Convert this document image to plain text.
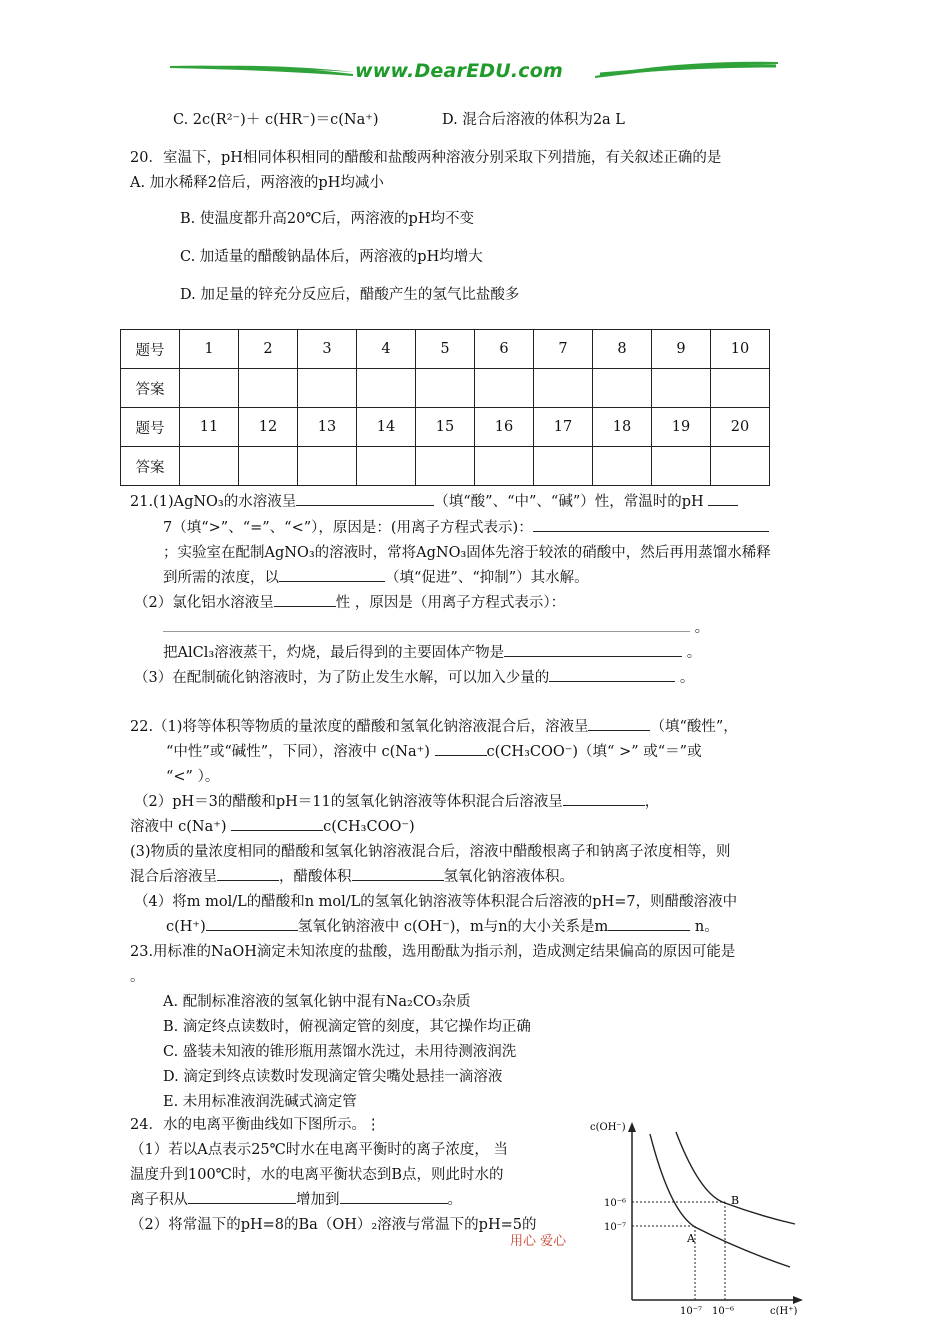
www.DearEDU.com
C. 2c(R²⁻)＋ c(HR⁻)＝c(Na⁺)	D. 混合后溶液的体积为2a L
20．室温下，pH相同体积相同的醋酸和盐酸两种溶液分别采取下列措施，有关叙述正确的是
A. 加水稀释2倍后，两溶液的pH均减小
B. 使温度都升高20℃后，两溶液的pH均不变
C. 加适量的醋酸钠晶体后，两溶液的pH均增大
D. 加足量的锌充分反应后，醋酸产生的氢气比盐酸多
题号	1	2	3	4	5	6	7	8	9	10
答案										
题号	11	12	13	14	15	16	17	18	19	20
答案										
21.(1)AgNO₃的水溶液呈	（填“酸”、“中”、“碱”）性，常温时的pH
7（填“>”、“=”、“<”），原因是：(用离子方程式表示)：
；实验室在配制AgNO₃的溶液时，常将AgNO₃固体先溶于较浓的硝酸中，然后再用蒸馏水稀释
到所需的浓度，以	（填“促进”、“抑制”）其水解。
（2）氯化铝水溶液呈	性 ，原因是（用离子方程式表示）：
。
把AlCl₃溶液蒸干，灼烧，最后得到的主要固体产物是	。
（3）在配制硫化钠溶液时，为了防止发生水解，可以加入少量的	。
22.（1)将等体积等物质的量浓度的醋酸和氢氧化钠溶液混合后，溶液呈	（填“酸性”，
“中性”或“碱性”，下同），溶液中 c(Na⁺)	c(CH₃COO⁻)（填“ >” 或“＝”或
“<” ）。
（2）pH＝3的醋酸和pH＝11的氢氧化钠溶液等体积混合后溶液呈	，
溶液中 c(Na⁺)	c(CH₃COO⁻)
(3)物质的量浓度相同的醋酸和氢氧化钠溶液混合后，溶液中醋酸根离子和钠离子浓度相等，则
混合后溶液呈	，醋酸体积	氢氧化钠溶液体积。
（4）将m mol/L的醋酸和n mol/L的氢氧化钠溶液等体积混合后溶液的pH=7，则醋酸溶液中
c(H⁺)	氢氧化钠溶液中 c(OH⁻)，m与n的大小关系是m	n。
23.用标准的NaOH滴定未知浓度的盐酸，选用酚酞为指示剂，造成测定结果偏高的原因可能是
。
A. 配制标准溶液的氢氧化钠中混有Na₂CO₃杂质
B. 滴定终点读数时，俯视滴定管的刻度，其它操作均正确
C. 盛装未知液的锥形瓶用蒸馏水洗过，未用待测液润洗
D. 滴定到终点读数时发现滴定管尖嘴处悬挂一滴溶液
E. 未用标准液润洗碱式滴定管
24．水的电离平衡曲线如下图所示。⋮
（1）若以A点表示25℃时水在电离平衡时的离子浓度， 当
温度升到100℃时，水的电离平衡状态到B点，则此时水的
离子积从	增加到	。
（2）将常温下的pH=8的Ba（OH）₂溶液与常温下的pH=5的
用心 爱心
c(OH⁻)
c(H⁺)
10⁻⁶
10⁻⁷
10⁻⁷ 10⁻⁶
A
B
